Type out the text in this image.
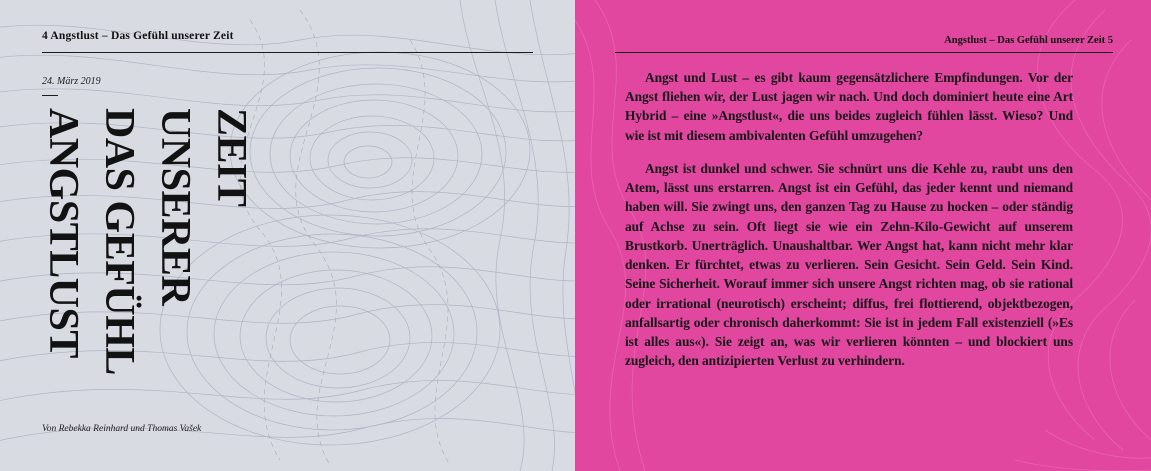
4 Angstlust – Das Gefühl unserer Zeit
24. März 2019
ANGSTLUST DAS GEFÜHL UNSERER ZEIT
Von Rebekka Reinhard und Thomas Vašek
Angstlust – Das Gefühl unserer Zeit 5

Angst und Lust – es gibt kaum gegensätzlichere Empfindungen. Vor der Angst fliehen wir, der Lust jagen wir nach. Und doch dominiert heute eine Art Hybrid – eine »Angstlust«, die uns beides zugleich fühlen lässt. Wieso? Und wie ist mit diesem ambivalenten Gefühl umzugehen?

Angst ist dunkel und schwer. Sie schnürt uns die Kehle zu, raubt uns den Atem, lässt uns erstarren. Angst ist ein Gefühl, das jeder kennt und niemand haben will. Sie zwingt uns, den ganzen Tag zu Hause zu hocken – oder ständig auf Achse zu sein. Oft liegt sie wie ein Zehn-Kilo-Gewicht auf unserem Brustkorb. Unerträglich. Unaushaltbar. Wer Angst hat, kann nicht mehr klar denken. Er fürchtet, etwas zu verlieren. Sein Gesicht. Sein Geld. Sein Kind. Seine Sicherheit. Worauf immer sich unsere Angst richten mag, ob sie rational oder irrational (neurotisch) erscheint; diffus, frei flottierend, objektbezogen, anfallsartig oder chronisch daherkommt: Sie ist in jedem Fall existenziell (»Es ist alles aus«). Sie zeigt an, was wir verlieren könnten – und blockiert uns zugleich, den antizipierten Verlust zu verhindern.
